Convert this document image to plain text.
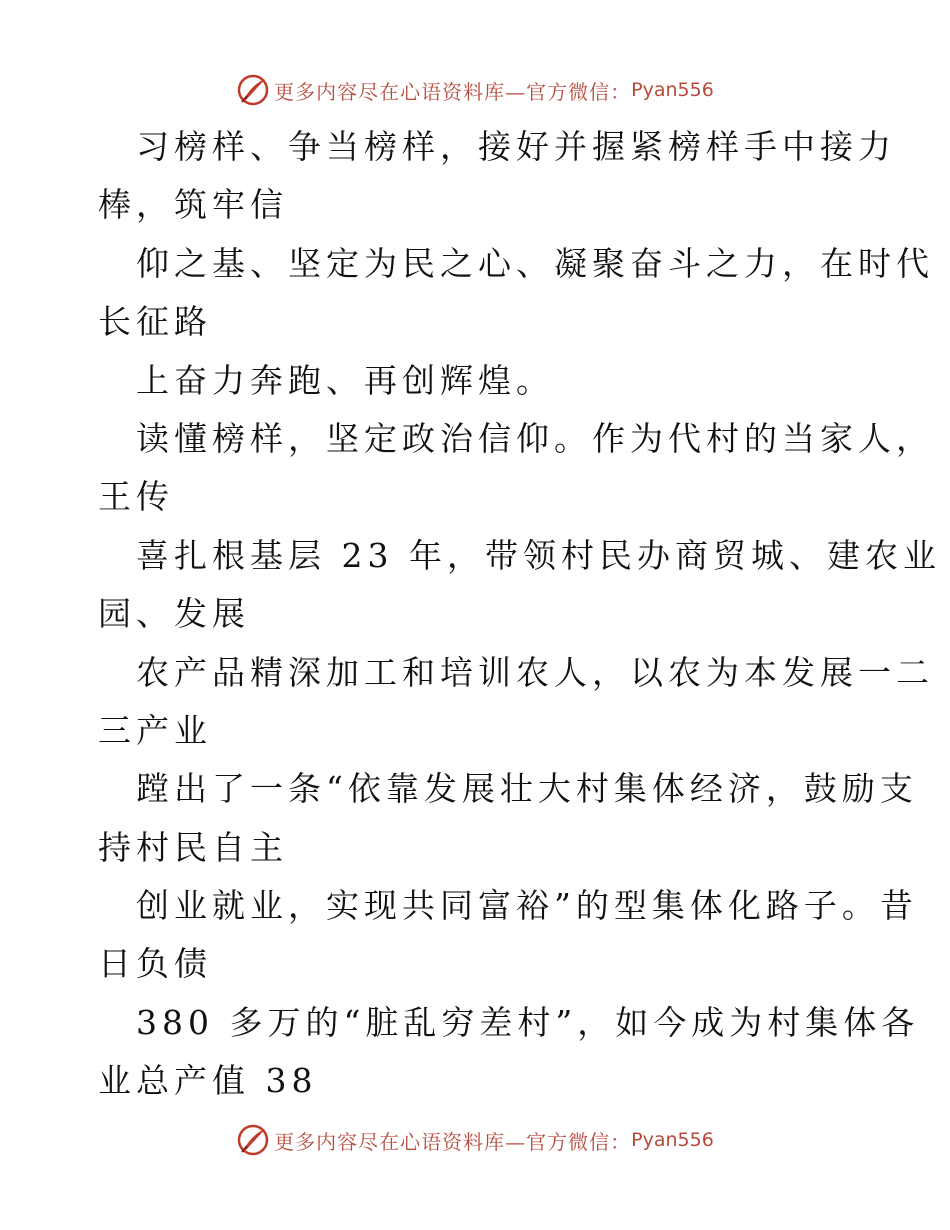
更多内容尽在心语资料库—官方微信： Pyan556
习榜样、争当榜样，接好并握紧榜样手中接力
棒，筑牢信
仰之基、坚定为民之心、凝聚奋斗之力，在时代
长征路
上奋力奔跑、再创辉煌。
读懂榜样，坚定政治信仰。作为代村的当家人，
王传
喜扎根基层 23 年，带领村民办商贸城、建农业
园、发展
农产品精深加工和培训农人，以农为本发展一二
三产业
蹚出了一条“依靠发展壮大村集体经济，鼓励支
持村民自主
创业就业，实现共同富裕”的型集体化路子。昔
日负债
380 多万的“脏乱穷差村”，如今成为村集体各
业总产值 38
更多内容尽在心语资料库—官方微信： Pyan556
